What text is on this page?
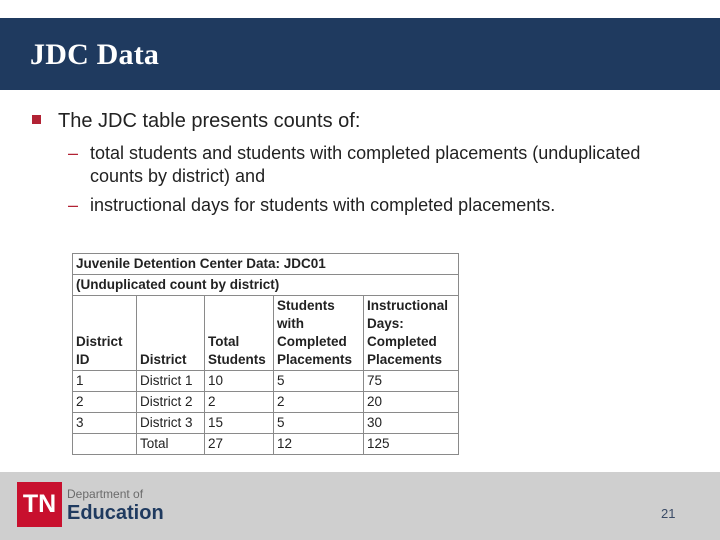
JDC Data
The JDC table presents counts of:
– total students and students with completed placements (unduplicated counts by district) and
– instructional days for students with completed placements.
Juvenile Detention Center Data: JDC01				
(Unduplicated count by district)				
District ID	District	Total Students	Students with Completed Placements	Instructional Days: Completed Placements
1	District 1	10	5	75
2	District 2	2	2	20
3	District 3	15	5	30
	Total	27	12	125
TN Department of
Education	21
